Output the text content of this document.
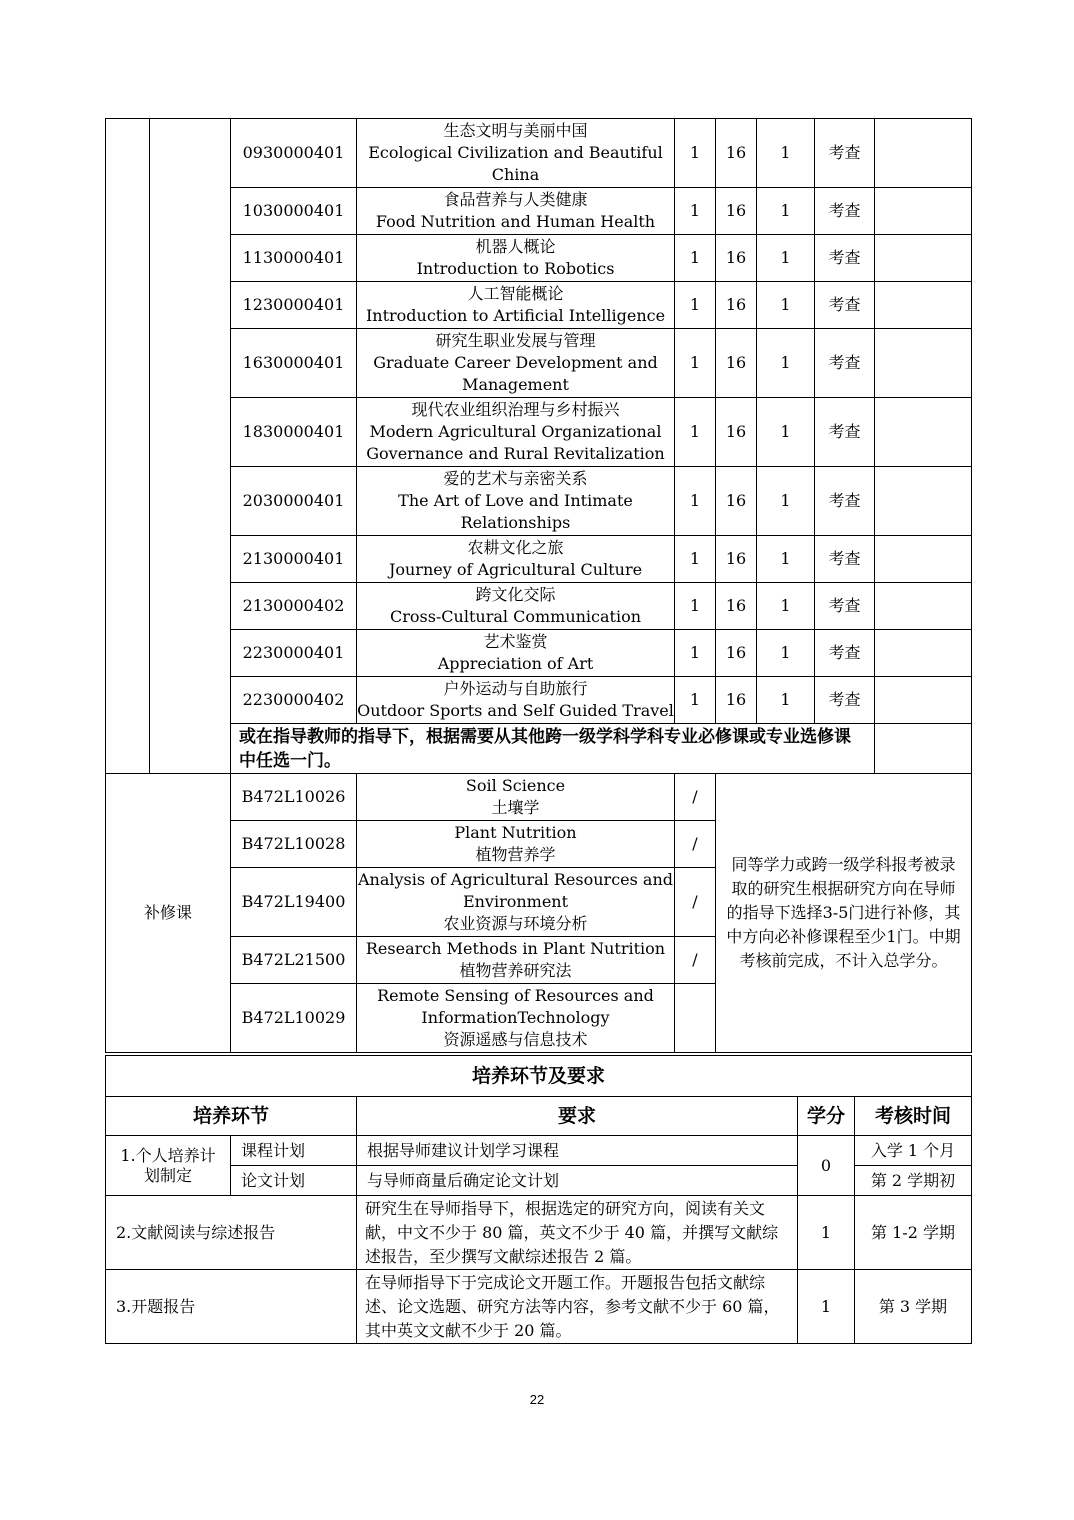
		0930000401	生态文明与美丽中国
Ecological Civilization and Beautiful China	1	16	1	考查	
		1030000401	食品营养与人类健康
Food Nutrition and Human Health	1	16	1	考查	
		1130000401	机器人概论
Introduction to Robotics	1	16	1	考查	
		1230000401	人工智能概论
Introduction to Artificial Intelligence	1	16	1	考查	
		1630000401	研究生职业发展与管理
Graduate Career Development and Management	1	16	1	考查	
		1830000401	现代农业组织治理与乡村振兴
Modern Agricultural Organizational Governance and Rural Revitalization	1	16	1	考查	
		2030000401	爱的艺术与亲密关系
The Art of Love and Intimate Relationships	1	16	1	考查	
		2130000401	农耕文化之旅
Journey of Agricultural Culture	1	16	1	考查	
		2130000402	跨文化交际
Cross-Cultural Communication	1	16	1	考查	
		2230000401	艺术鉴赏
Appreciation of Art	1	16	1	考查	
		2230000402	户外运动与自助旅行
Outdoor Sports and Self Guided Travel	1	16	1	考查	
		或在指导教师的指导下，根据需要从其他跨一级学科学科专业必修课或专业选修课中任选一门。						
补修课		B472L10026	Soil Science
土壤学	/	同等学力或跨一级学科报考被录取的研究生根据研究方向在导师的指导下选择3-5门进行补修，其中方向必补修课程至少1门。中期考核前完成，不计入总学分。			
		B472L10028	Plant Nutrition
植物营养学	/				
		B472L19400	Analysis of Agricultural Resources and Environment
农业资源与环境分析	/				
		B472L21500	Research Methods in Plant Nutrition
植物营养研究法	/				
		B472L10029	Remote Sensing of Resources and InformationTechnology
资源遥感与信息技术					

培养环节及要求				
培养环节		要求	学分	考核时间
1.个人培养计划制定	课程计划	根据导师建议计划学习课程	0	入学 1 个月
	论文计划	与导师商量后确定论文计划		第 2 学期初
2.文献阅读与综述报告		研究生在导师指导下，根据选定的研究方向，阅读有关文献，中文不少于 80 篇，英文不少于 40 篇，并撰写文献综述报告，至少撰写文献综述报告 2 篇。	1	第 1-2 学期
3.开题报告		在导师指导下于完成论文开题工作。开题报告包括文献综述、论文选题、研究方法等内容，参考文献不少于 60 篇，其中英文文献不少于 20 篇。	1	第 3 学期
22
